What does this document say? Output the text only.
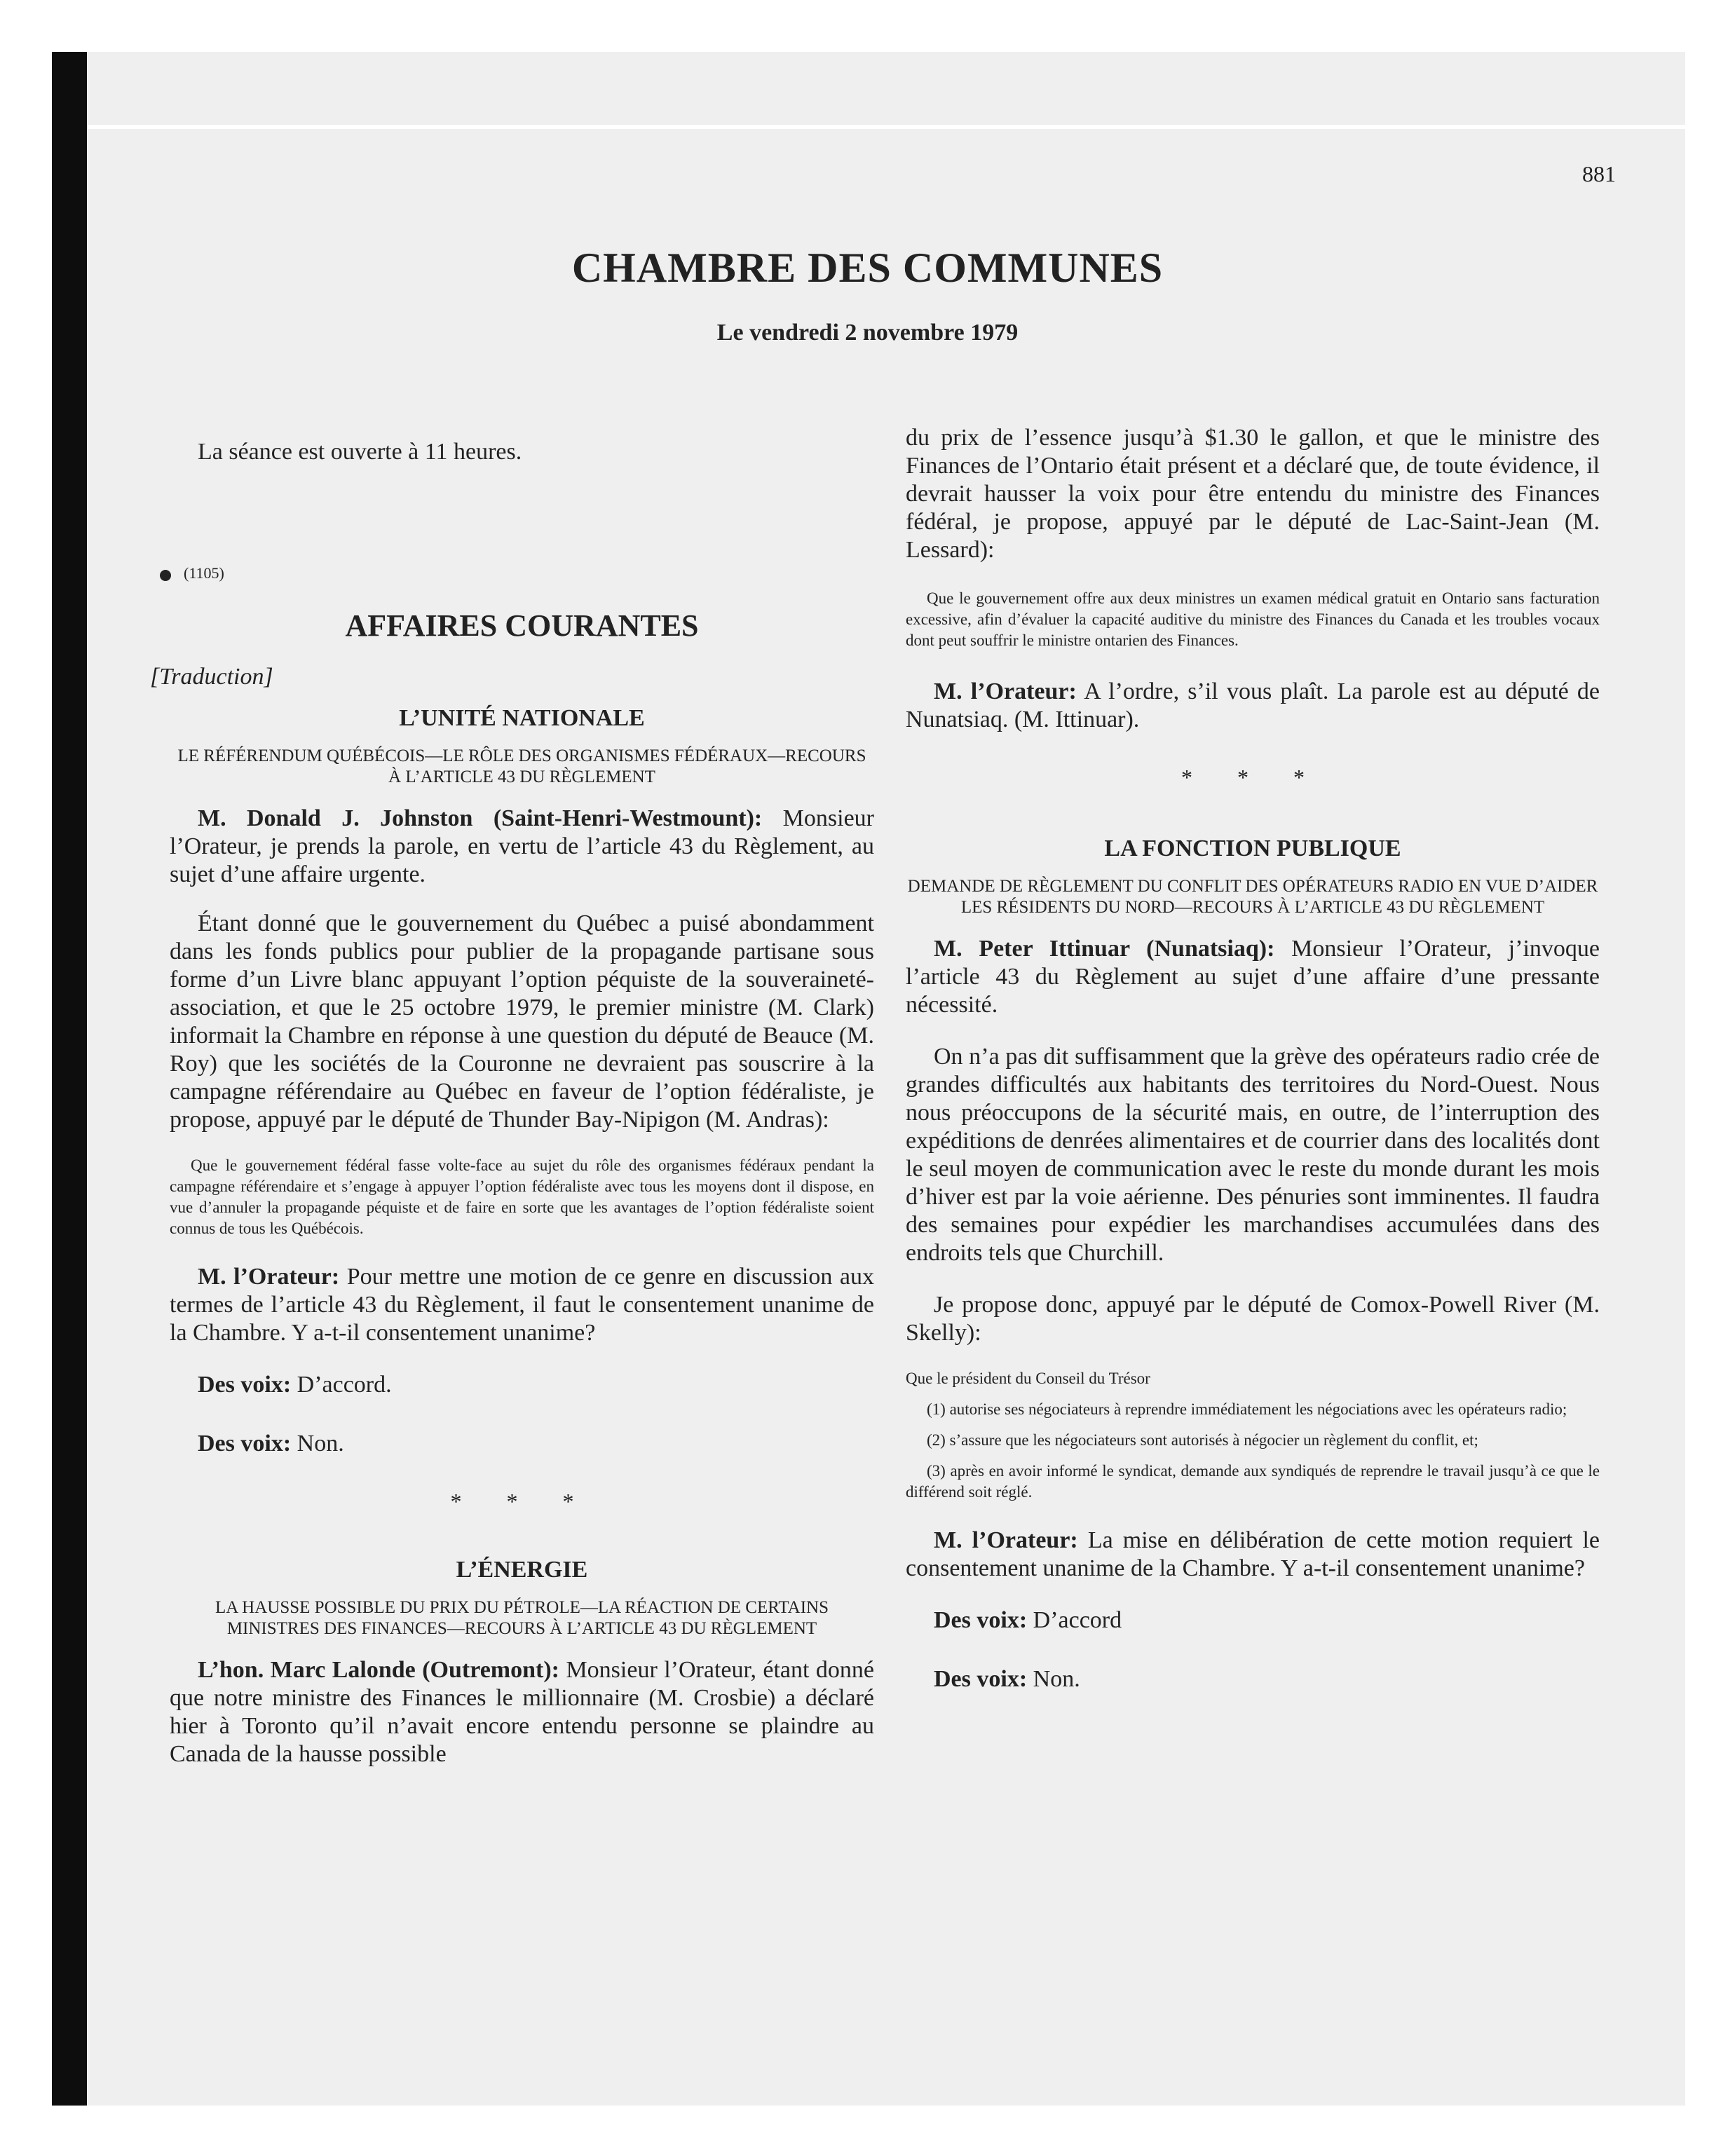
881
CHAMBRE DES COMMUNES
Le vendredi 2 novembre 1979

La séance est ouverte à 11 heures.

(1105)

AFFAIRES COURANTES

[Traduction]

L’UNITÉ NATIONALE

LE RÉFÉRENDUM QUÉBÉCOIS—LE RÔLE DES ORGANISMES FÉDÉRAUX—RECOURS À L’ARTICLE 43 DU RÈGLEMENT

M. Donald J. Johnston (Saint-Henri-Westmount): Monsieur l’Orateur, je prends la parole, en vertu de l’article 43 du Règlement, au sujet d’une affaire urgente.

Étant donné que le gouvernement du Québec a puisé abondamment dans les fonds publics pour publier de la propagande partisane sous forme d’un Livre blanc appuyant l’option péquiste de la souveraineté-association, et que le 25 octobre 1979, le premier ministre (M. Clark) informait la Chambre en réponse à une question du député de Beauce (M. Roy) que les sociétés de la Couronne ne devraient pas souscrire à la campagne référendaire au Québec en faveur de l’option fédéraliste, je propose, appuyé par le député de Thunder Bay-Nipigon (M. Andras):

Que le gouvernement fédéral fasse volte-face au sujet du rôle des organismes fédéraux pendant la campagne référendaire et s’engage à appuyer l’option fédéraliste avec tous les moyens dont il dispose, en vue d’annuler la propagande péquiste et de faire en sorte que les avantages de l’option fédéraliste soient connus de tous les Québécois.

M. l’Orateur: Pour mettre une motion de ce genre en discussion aux termes de l’article 43 du Règlement, il faut le consentement unanime de la Chambre. Y a-t-il consentement unanime?

Des voix: D’accord.

Des voix: Non.

* * *

L’ÉNERGIE

LA HAUSSE POSSIBLE DU PRIX DU PÉTROLE—LA RÉACTION DE CERTAINS MINISTRES DES FINANCES—RECOURS À L’ARTICLE 43 DU RÈGLEMENT

L’hon. Marc Lalonde (Outremont): Monsieur l’Orateur, étant donné que notre ministre des Finances le millionnaire (M. Crosbie) a déclaré hier à Toronto qu’il n’avait encore entendu personne se plaindre au Canada de la hausse possible

du prix de l’essence jusqu’à $1.30 le gallon, et que le ministre des Finances de l’Ontario était présent et a déclaré que, de toute évidence, il devrait hausser la voix pour être entendu du ministre des Finances fédéral, je propose, appuyé par le député de Lac-Saint-Jean (M. Lessard):

Que le gouvernement offre aux deux ministres un examen médical gratuit en Ontario sans facturation excessive, afin d’évaluer la capacité auditive du ministre des Finances du Canada et les troubles vocaux dont peut souffrir le ministre ontarien des Finances.

M. l’Orateur: A l’ordre, s’il vous plaît. La parole est au député de Nunatsiaq. (M. Ittinuar).

* * *

LA FONCTION PUBLIQUE

DEMANDE DE RÈGLEMENT DU CONFLIT DES OPÉRATEURS RADIO EN VUE D’AIDER LES RÉSIDENTS DU NORD—RECOURS À L’ARTICLE 43 DU RÈGLEMENT

M. Peter Ittinuar (Nunatsiaq): Monsieur l’Orateur, j’invoque l’article 43 du Règlement au sujet d’une affaire d’une pressante nécessité.

On n’a pas dit suffisamment que la grève des opérateurs radio crée de grandes difficultés aux habitants des territoires du Nord-Ouest. Nous nous préoccupons de la sécurité mais, en outre, de l’interruption des expéditions de denrées alimentaires et de courrier dans des localités dont le seul moyen de communication avec le reste du monde durant les mois d’hiver est par la voie aérienne. Des pénuries sont imminentes. Il faudra des semaines pour expédier les marchandises accumulées dans des endroits tels que Churchill.

Je propose donc, appuyé par le député de Comox-Powell River (M. Skelly):

Que le président du Conseil du Trésor

(1) autorise ses négociateurs à reprendre immédiatement les négociations avec les opérateurs radio;

(2) s’assure que les négociateurs sont autorisés à négocier un règlement du conflit, et;

(3) après en avoir informé le syndicat, demande aux syndiqués de reprendre le travail jusqu’à ce que le différend soit réglé.

M. l’Orateur: La mise en délibération de cette motion requiert le consentement unanime de la Chambre. Y a-t-il consentement unanime?

Des voix: D’accord

Des voix: Non.
